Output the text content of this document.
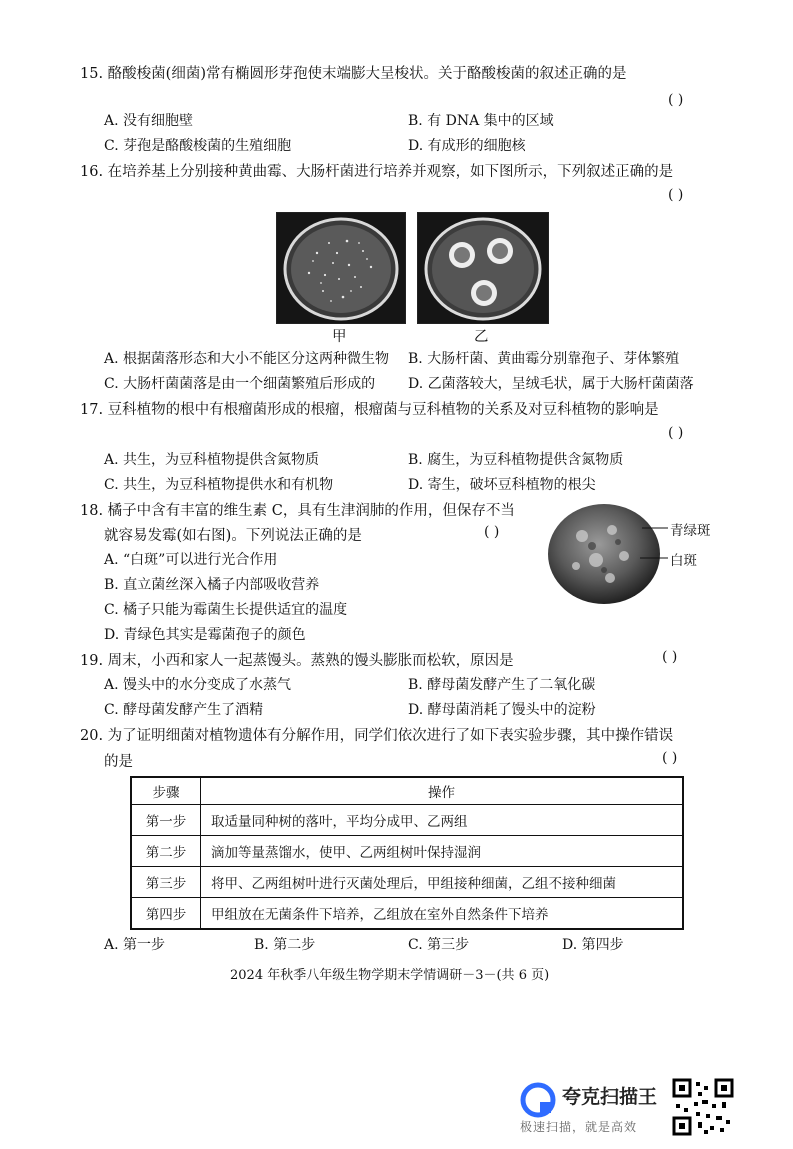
15. 酪酸梭菌(细菌)常有椭圆形芽孢使末端膨大呈梭状。关于酪酸梭菌的叙述正确的是
( )
A. 没有细胞壁	B. 有 DNA 集中的区域
C. 芽孢是酪酸梭菌的生殖细胞	D. 有成形的细胞核
16. 在培养基上分别接种黄曲霉、大肠杆菌进行培养并观察，如下图所示，下列叙述正确的是
( )
甲	乙
A. 根据菌落形态和大小不能区分这两种微生物 B. 大肠杆菌、黄曲霉分别靠孢子、芽体繁殖
C. 大肠杆菌菌落是由一个细菌繁殖后形成的 D. 乙菌落较大，呈绒毛状，属于大肠杆菌菌落
17. 豆科植物的根中有根瘤菌形成的根瘤，根瘤菌与豆科植物的关系及对豆科植物的影响是
( )
A. 共生，为豆科植物提供含氮物质	B. 腐生，为豆科植物提供含氮物质
C. 共生，为豆科植物提供水和有机物	D. 寄生，破坏豆科植物的根尖
18. 橘子中含有丰富的维生素 C，具有生津润肺的作用，但保存不当
就容易发霉(如右图)。下列说法正确的是	( )
A. “白斑”可以进行光合作用
B. 直立菌丝深入橘子内部吸收营养
C. 橘子只能为霉菌生长提供适宜的温度
D. 青绿色其实是霉菌孢子的颜色
青绿斑
白斑
19. 周末，小西和家人一起蒸馒头。蒸熟的馒头膨胀而松软，原因是	( )
A. 馒头中的水分变成了水蒸气	B. 酵母菌发酵产生了二氧化碳
C. 酵母菌发酵产生了酒精	D. 酵母菌消耗了馒头中的淀粉
20. 为了证明细菌对植物遗体有分解作用，同学们依次进行了如下表实验步骤，其中操作错误
的是	( )
步骤	操作
第一步	取适量同种树的落叶，平均分成甲、乙两组
第二步	滴加等量蒸馏水，使甲、乙两组树叶保持湿润
第三步	将甲、乙两组树叶进行灭菌处理后，甲组接种细菌，乙组不接种细菌
第四步	甲组放在无菌条件下培养，乙组放在室外自然条件下培养
A. 第一步	B. 第二步	C. 第三步	D. 第四步
2024 年秋季八年级生物学期末学情调研－3－(共 6 页)
夸克扫描王
极速扫描，就是高效
